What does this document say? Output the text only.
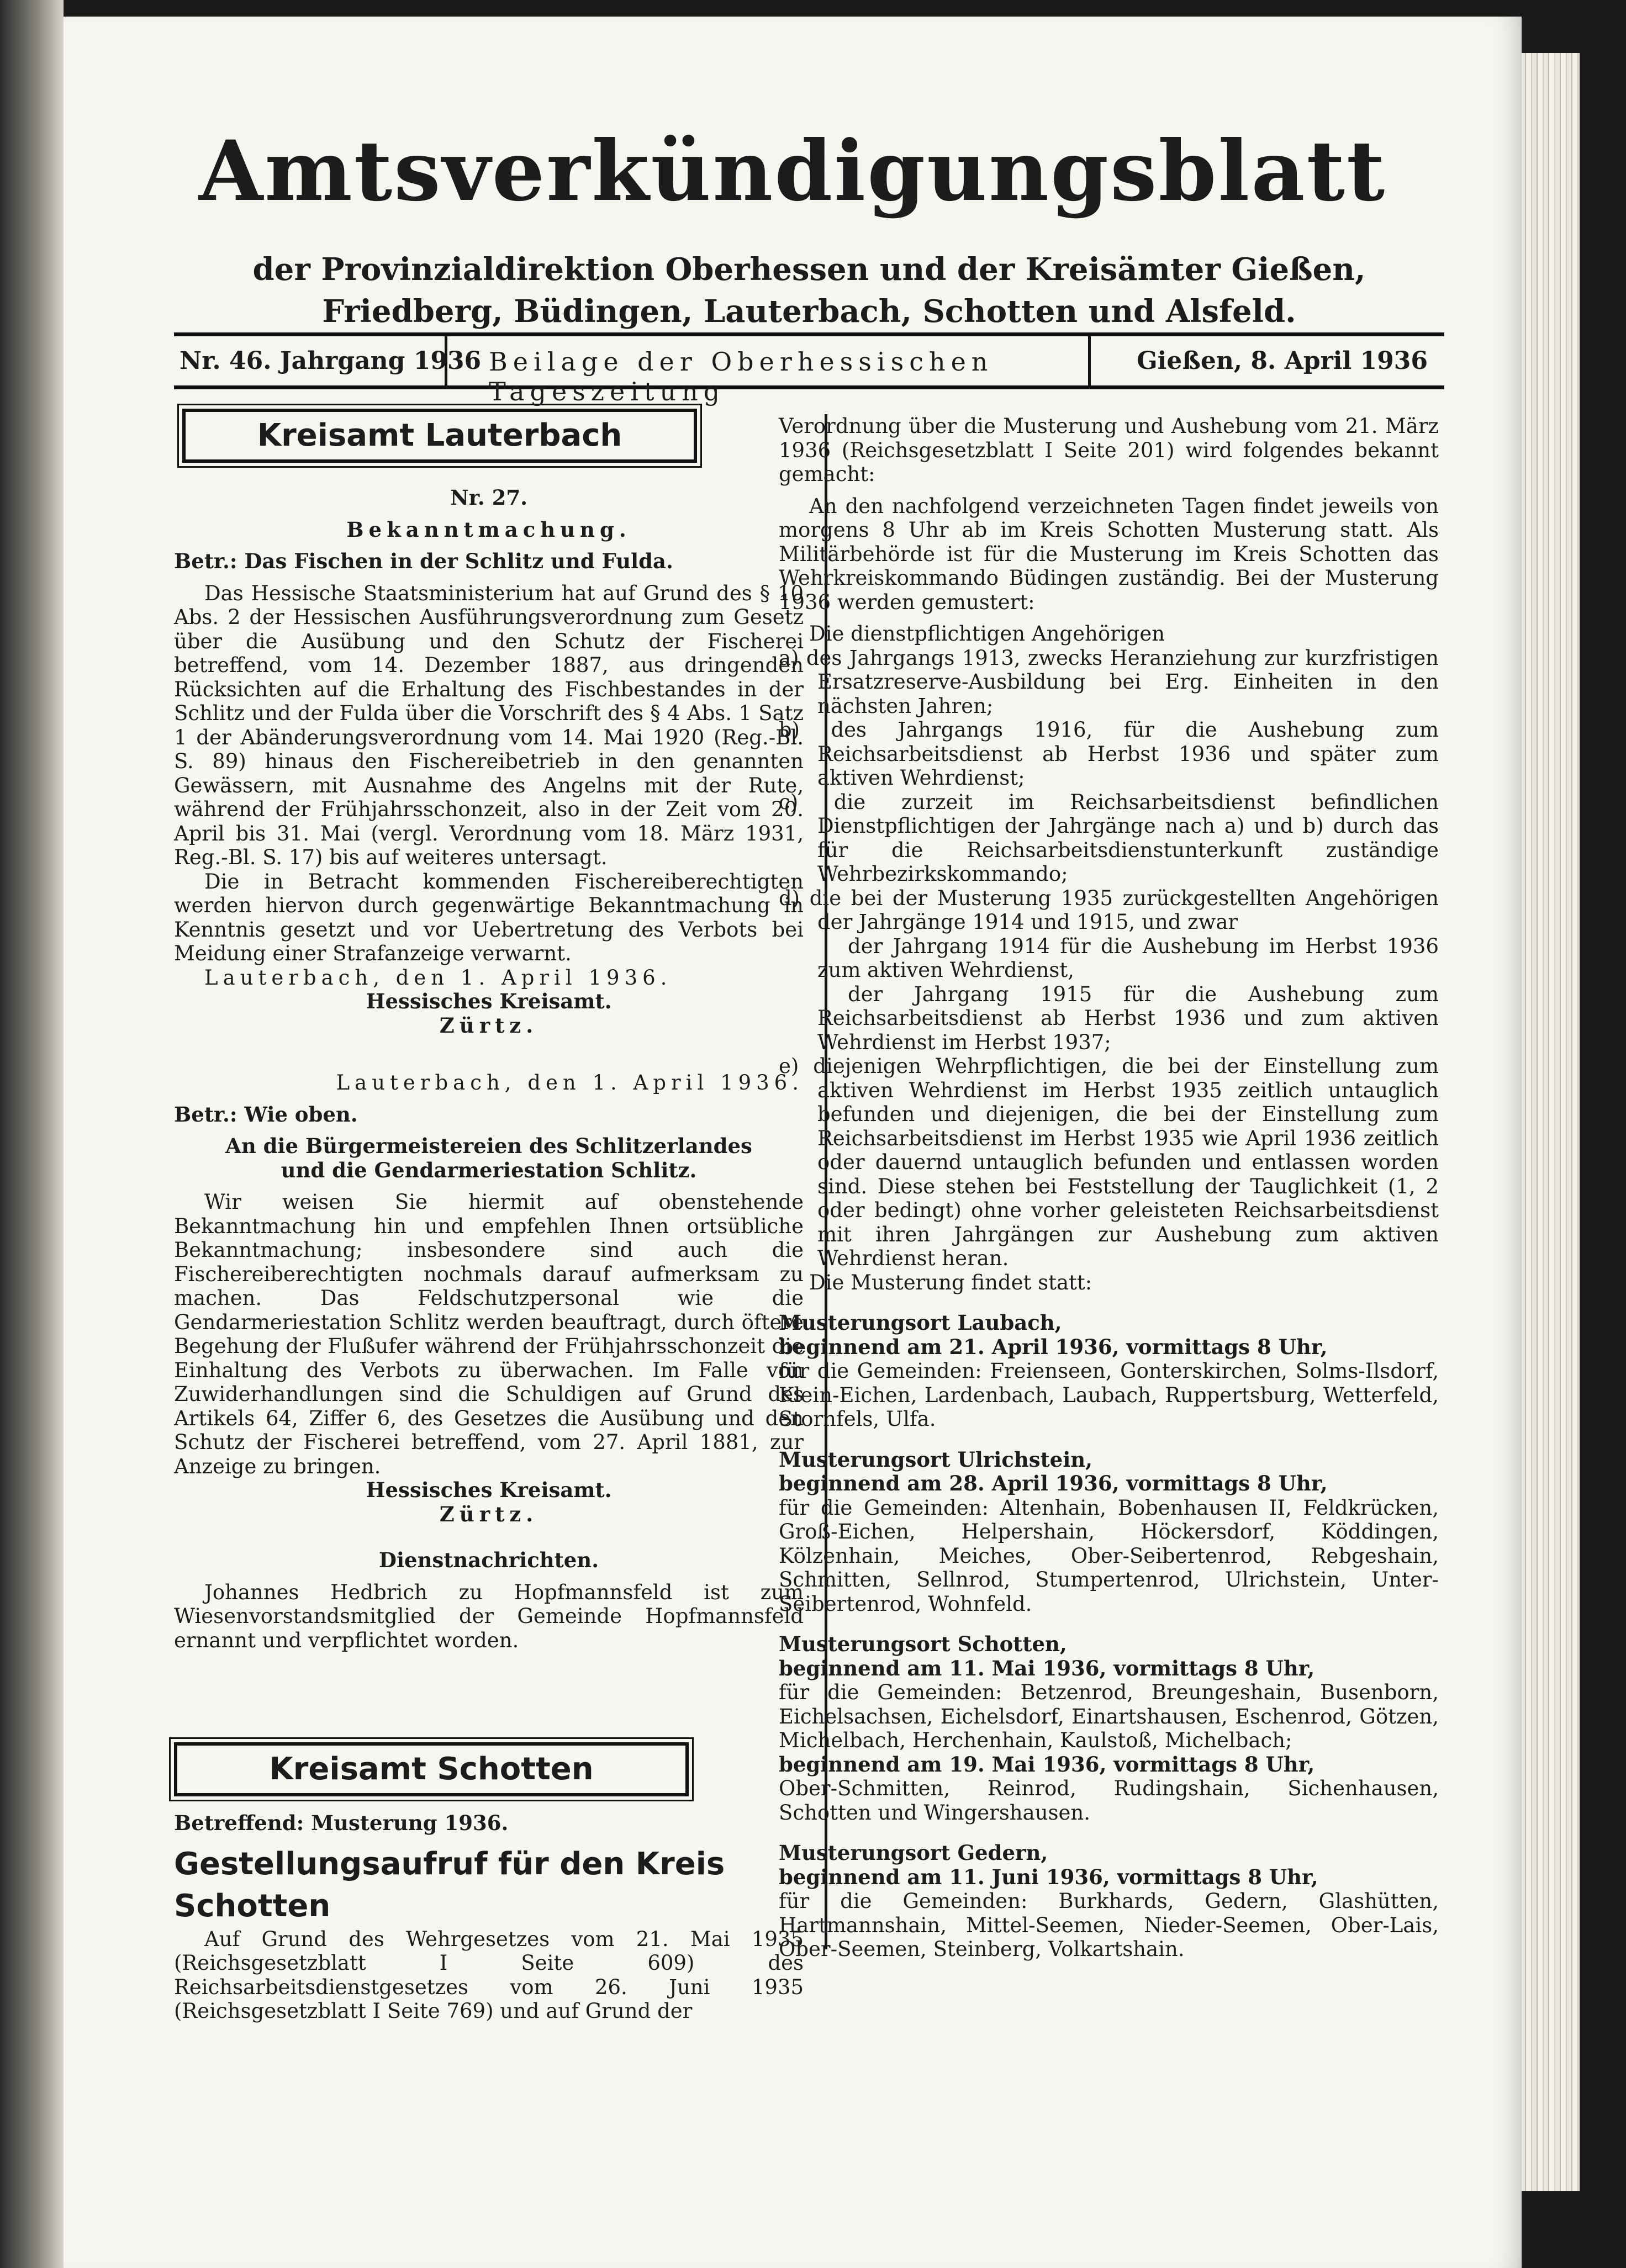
Amtsverkündigungsblatt
der Provinzialdirektion Oberhessen und der Kreisämter Gießen, Friedberg, Büdingen, Lauterbach, Schotten und Alsfeld.
Nr. 46. Jahrgang 1936 Beilage der Oberhessischen Tageszeitung
Gießen, 8. April 1936
Kreisamt Lauterbach

Nr. 27.

Bekanntmachung.

Betr.: Das Fischen in der Schlitz und Fulda.

Das Hessische Staatsministerium hat auf Grund des § 10 Abs. 2 der Hessischen Ausführungsverordnung zum Gesetz über die Ausübung und den Schutz der Fischerei betreffend, vom 14. Dezember 1887, aus dringenden Rücksichten auf die Erhaltung des Fischbestandes in der Schlitz und der Fulda über die Vorschrift des § 4 Abs. 1 Satz 1 der Abänderungsverordnung vom 14. Mai 1920 (Reg.-Bl. S. 89) hinaus den Fischereibetrieb in den genannten Gewässern, mit Ausnahme des Angelns mit der Rute, während der Frühjahrsschonzeit, also in der Zeit vom 20. April bis 31. Mai (vergl. Verordnung vom 18. März 1931, Reg.-Bl. S. 17) bis auf weiteres untersagt.

Die in Betracht kommenden Fischereiberechtigten werden hiervon durch gegenwärtige Bekanntmachung in Kenntnis gesetzt und vor Uebertretung des Verbots bei Meidung einer Strafanzeige verwarnt.

Lauterbach, den 1. April 1936.

Hessisches Kreisamt.

Zürtz.

Lauterbach, den 1. April 1936.

Betr.: Wie oben.

An die Bürgermeistereien des Schlitzerlandes und die Gendarmeriestation Schlitz.

Wir weisen Sie hiermit auf obenstehende Bekanntmachung hin und empfehlen Ihnen ortsübliche Bekanntmachung; insbesondere sind auch die Fischereiberechtigten nochmals darauf aufmerksam zu machen. Das Feldschutzpersonal wie die Gendarmeriestation Schlitz werden beauftragt, durch öftere Begehung der Flußufer während der Frühjahrsschonzeit die Einhaltung des Verbots zu überwachen. Im Falle von Zuwiderhandlungen sind die Schuldigen auf Grund des Artikels 64, Ziffer 6, des Gesetzes die Ausübung und den Schutz der Fischerei betreffend, vom 27. April 1881, zur Anzeige zu bringen.

Hessisches Kreisamt.

Zürtz.

Dienstnachrichten.

Johannes Hedbrich zu Hopfmannsfeld ist zum Wiesenvorstandsmitglied der Gemeinde Hopfmannsfeld ernannt und verpflichtet worden.

Kreisamt Schotten

Betreffend: Musterung 1936.

Gestellungsaufruf für den Kreis Schotten

Auf Grund des Wehrgesetzes vom 21. Mai 1935 (Reichsgesetzblatt I Seite 609) des Reichsarbeitsdienstgesetzes vom 26. Juni 1935 (Reichsgesetzblatt I Seite 769) und auf Grund der

Verordnung über die Musterung und Aushebung vom 21. März 1936 (Reichsgesetzblatt I Seite 201) wird folgendes bekannt gemacht:

An den nachfolgend verzeichneten Tagen findet jeweils von morgens 8 Uhr ab im Kreis Schotten Musterung statt. Als Militärbehörde ist für die Musterung im Kreis Schotten das Wehrkreiskommando Büdingen zuständig. Bei der Musterung 1936 werden gemustert:

Die dienstpflichtigen Angehörigen

a) des Jahrgangs 1913, zwecks Heranziehung zur kurzfristigen Ersatzreserve-Ausbildung bei Erg. Einheiten in den nächsten Jahren;

b) des Jahrgangs 1916, für die Aushebung zum Reichsarbeitsdienst ab Herbst 1936 und später zum aktiven Wehrdienst;

c) die zurzeit im Reichsarbeitsdienst befindlichen Dienstpflichtigen der Jahrgänge nach a) und b) durch das für die Reichsarbeitsdienstunterkunft zuständige Wehrbezirkskommando;

d) die bei der Musterung 1935 zurückgestellten Angehörigen der Jahrgänge 1914 und 1915, und zwar

der Jahrgang 1914 für die Aushebung im Herbst 1936 zum aktiven Wehrdienst,

der Jahrgang 1915 für die Aushebung zum Reichsarbeitsdienst ab Herbst 1936 und zum aktiven Wehrdienst im Herbst 1937;

e) diejenigen Wehrpflichtigen, die bei der Einstellung zum aktiven Wehrdienst im Herbst 1935 zeitlich untauglich befunden und diejenigen, die bei der Einstellung zum Reichsarbeitsdienst im Herbst 1935 wie April 1936 zeitlich oder dauernd untauglich befunden und entlassen worden sind. Diese stehen bei Feststellung der Tauglichkeit (1, 2 oder bedingt) ohne vorher geleisteten Reichsarbeitsdienst mit ihren Jahrgängen zur Aushebung zum aktiven Wehrdienst heran.

Die Musterung findet statt:

Musterungsort Laubach,

beginnend am 21. April 1936, vormittags 8 Uhr,

für die Gemeinden: Freienseen, Gonterskirchen, Solms-Ilsdorf, Klein-Eichen, Lardenbach, Laubach, Ruppertsburg, Wetterfeld, Stornfels, Ulfa.

Musterungsort Ulrichstein,

beginnend am 28. April 1936, vormittags 8 Uhr,

für die Gemeinden: Altenhain, Bobenhausen II, Feldkrücken, Groß-Eichen, Helpershain, Höckersdorf, Köddingen, Kölzenhain, Meiches, Ober-Seibertenrod, Rebgeshain, Schmitten, Sellnrod, Stumpertenrod, Ulrichstein, Unter-Seibertenrod, Wohnfeld.

Musterungsort Schotten,

beginnend am 11. Mai 1936, vormittags 8 Uhr,

für die Gemeinden: Betzenrod, Breungeshain, Busenborn, Eichelsachsen, Eichelsdorf, Einartshausen, Eschenrod, Götzen, Michelbach, Herchenhain, Kaulstoß, Michelbach;

beginnend am 19. Mai 1936, vormittags 8 Uhr,

Ober-Schmitten, Reinrod, Rudingshain, Sichenhausen, Schotten und Wingershausen.

Musterungsort Gedern,

beginnend am 11. Juni 1936, vormittags 8 Uhr,

für die Gemeinden: Burkhards, Gedern, Glashütten, Hartmannshain, Mittel-Seemen, Nieder-Seemen, Ober-Lais, Ober-Seemen, Steinberg, Volkartshain.
